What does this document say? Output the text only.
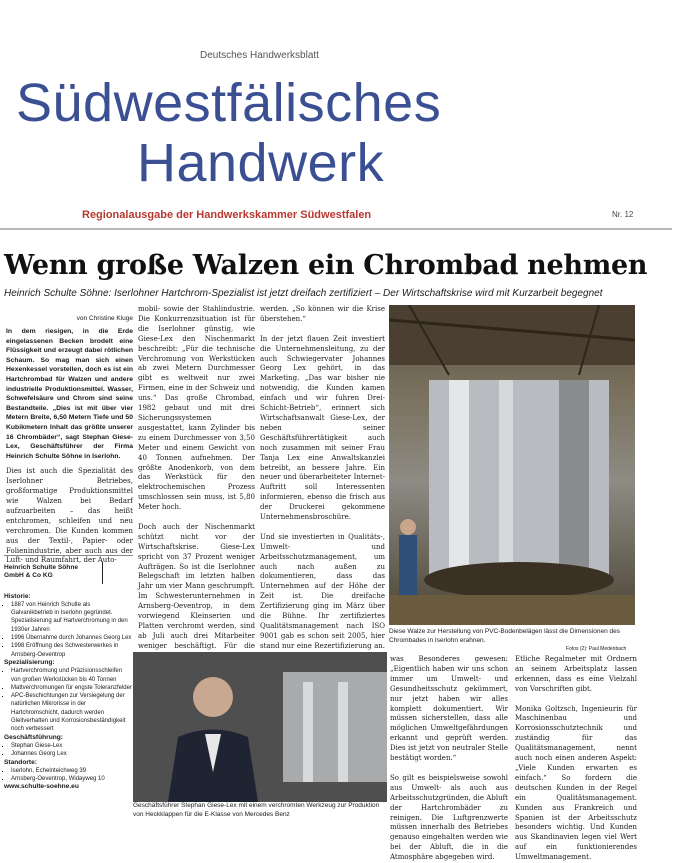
Deutsches Handwerksblatt
Südwestfälisches
Handwerk
Regionalausgabe der Handwerkskammer Südwestfalen	Nr. 12
Wenn große Walzen ein Chrombad nehmen
Heinrich Schulte Söhne: Iserlohner Hartchrom-Spezialist ist jetzt dreifach zertifiziert – Der Wirtschaftskrise wird mit Kurzarbeit begegnet
von Christine Kluge

In dem riesigen, in die Erde eingelassenen Becken brodelt eine Flüssigkeit und erzeugt dabei rötlichen Schaum. So mag man sich einen Hexenkessel vorstellen, doch es ist ein Hartchrombad für Walzen und andere industrielle Produktionsmittel. Wasser, Schwefelsäure und Chrom sind seine Bestandteile. „Dies ist mit über vier Metern Breite, 6,50 Metern Tiefe und 50 Kubikmetern Inhalt das größte unserer 16 Chrombäder“, sagt Stephan Giese-Lex, Geschäftsführer der Firma Heinrich Schulte Söhne in Iserlohn.

Dies ist auch die Spezialität des Iserlohner Betriebes, großformatige Produktionsmittel wie Walzen bei Bedarf aufzuarbeiten – das heißt entchromen, schleifen und neu verchromen. Die Kunden kommen aus der Textil-, Papier- oder Folienindustrie, aber auch aus der Luft- und Raumfahrt, der Auto-

Heinrich Schulte Söhne GmbH & Co KG
Historie:
▪ 1887 von Heinrich Schulte als Galvanikbetrieb in Iserlohn gegründet. Spezialisierung auf Hartverchromung in den 1930er Jahren
▪ 1996 Übernahme durch Johannes Georg Lex
▪ 1998 Eröffnung des Schwesterwerkes in Arnsberg-Oeventrop
Spezialisierung:
▪ Hartverchromung und Präzisionsschleifen von großen Werkstücken bis 40 Tonnen
▪ Mattverchromungen für engste Toleranzfelder
▪ APC-Beschichtungen zur Versiegelung der natürlichen Mikrorisse in der Hartchromschicht, dadurch werden Gleitverhalten und Korrosionsbeständigkeit noch verbessert
Geschäftsführung:
▪ Stephan Giese-Lex
▪ Johannes Georg Lex
Standorte:
▪ Iserlohn, Echelnteichweg 39
▪ Arnsberg-Oeventrop, Widayweg 10
www.schulte-soehne.eu
mobil- sowie der Stahlindustrie. Die Konkurrenzsituation ist für die Iserlohner günstig, wie Giese-Lex den Nischenmarkt beschreibt: „Für die technische Verchromung von Werkstücken ab zwei Metern Durchmesser gibt es weltweit nur zwei Firmen, eine in der Schweiz und uns.“ Das große Chrombad, 1982 gebaut und mit drei Sicherungssystemen ausgestattet, kann Zylinder bis zu einem Durchmesser von 3,50 Meter und einem Gewicht von 40 Tonnen aufnehmen. Der größte Anodenkorb, von dem das Werkstück für den elektrochemischen Prozess umschlossen sein muss, ist 5,80 Meter hoch.

Doch auch der Nischenmarkt schützt nicht vor der Wirtschaftskrise. Giese-Lex spricht von 37 Prozent weniger Aufträgen. So ist die Iserlohner Belegschaft im letzten halben Jahr um vier Mann geschrumpft. Im Schwesterunternehmen in Arnsberg-Oeventrop, in dem vorwiegend Kleinserien und Platten verchromt werden, sind ab Juli auch drei Mitarbeiter weniger beschäftigt. Für die
werden. „So können wir die Krise überstehen.“

In der jetzt flauen Zeit investiert die Unternehmensleitung, zu der auch Schwiegervater Johannes Georg Lex gehört, in das Marketing. „Das war bisher nie notwendig, die Kunden kamen einfach und wir fuhren Drei-Schicht-Betrieb“, erinnert sich Wirtschaftsanwalt Giese-Lex, der neben seiner Geschäftsführertätigkeit auch noch zusammen mit seiner Frau Tanja Lex eine Anwaltskanzlei betreibt, an bessere Jahre. Ein neuer und überarbeiteter Internet-Auftritt soll Interessenten informieren, ebenso die frisch aus der Druckerei gekommene Unternehmensbroschüre.

Und sie investierten in Qualitäts-, Umwelt- und Arbeitsschutzmanagement, um auch nach außen zu dokumentieren, dass das Unternehmen auf der Höhe der Zeit ist. Die dreifache Zertifizierung ging im März über die Bühne. Ihr zertifiziertes Qualitätsmanagement nach ISO 9001 gab es schon seit 2005, hier stand nur eine Rezertifizierung an.

Diese Walze zur Herstellung von PVC-Bodenbelägen lässt die Dimensionen des Chrombades in Iserlohn erahnen.
Fotos (2): Paul Medenbach
Geschäftsführer Stephan Giese-Lex mit einem verchromten Werkzeug zur Produktion von Heckklappen für die E-Klasse von Mercedes Benz
was Besonderes gewesen: „Eigentlich haben wir uns schon immer um Umwelt- und Gesundheitsschutz gekümmert, nur jetzt haben wir alles komplett dokumentiert. Wir müssen sicherstellen, dass alle möglichen Umweltgefährdungen erkannt und geprüft werden. Dies ist jetzt von neutraler Stelle bestätigt worden.“

So gilt es beispielsweise sowohl aus Umwelt- als auch aus Arbeitsschutzgründen, die Abluft der Hartchrombäder zu reinigen. Die Luftgrenzwerte müssen innerhalb des Betriebes genauso eingehalten werden wie bei der Abluft, die in die Atmosphäre abgegeben wird.
Etliche Regalmeter mit Ordnern an seinem Arbeitsplatz lassen erkennen, dass es eine Vielzahl von Vorschriften gibt.

Monika Goltzsch, Ingenieurin für Maschinenbau und Korrosionsschutztechnik und zuständig für das Qualitätsmanagement, nennt auch noch einen anderen Aspekt: „Viele Kunden erwarten es einfach.“ So fordern die deutschen Kunden in der Regel ein Qualitätsmanagement. Kunden aus Frankreich und Spanien ist der Arbeitsschutz besonders wichtig. Und Kunden aus Skandinavien legen viel Wert auf ein funktionierendes Umweltmanagement.
